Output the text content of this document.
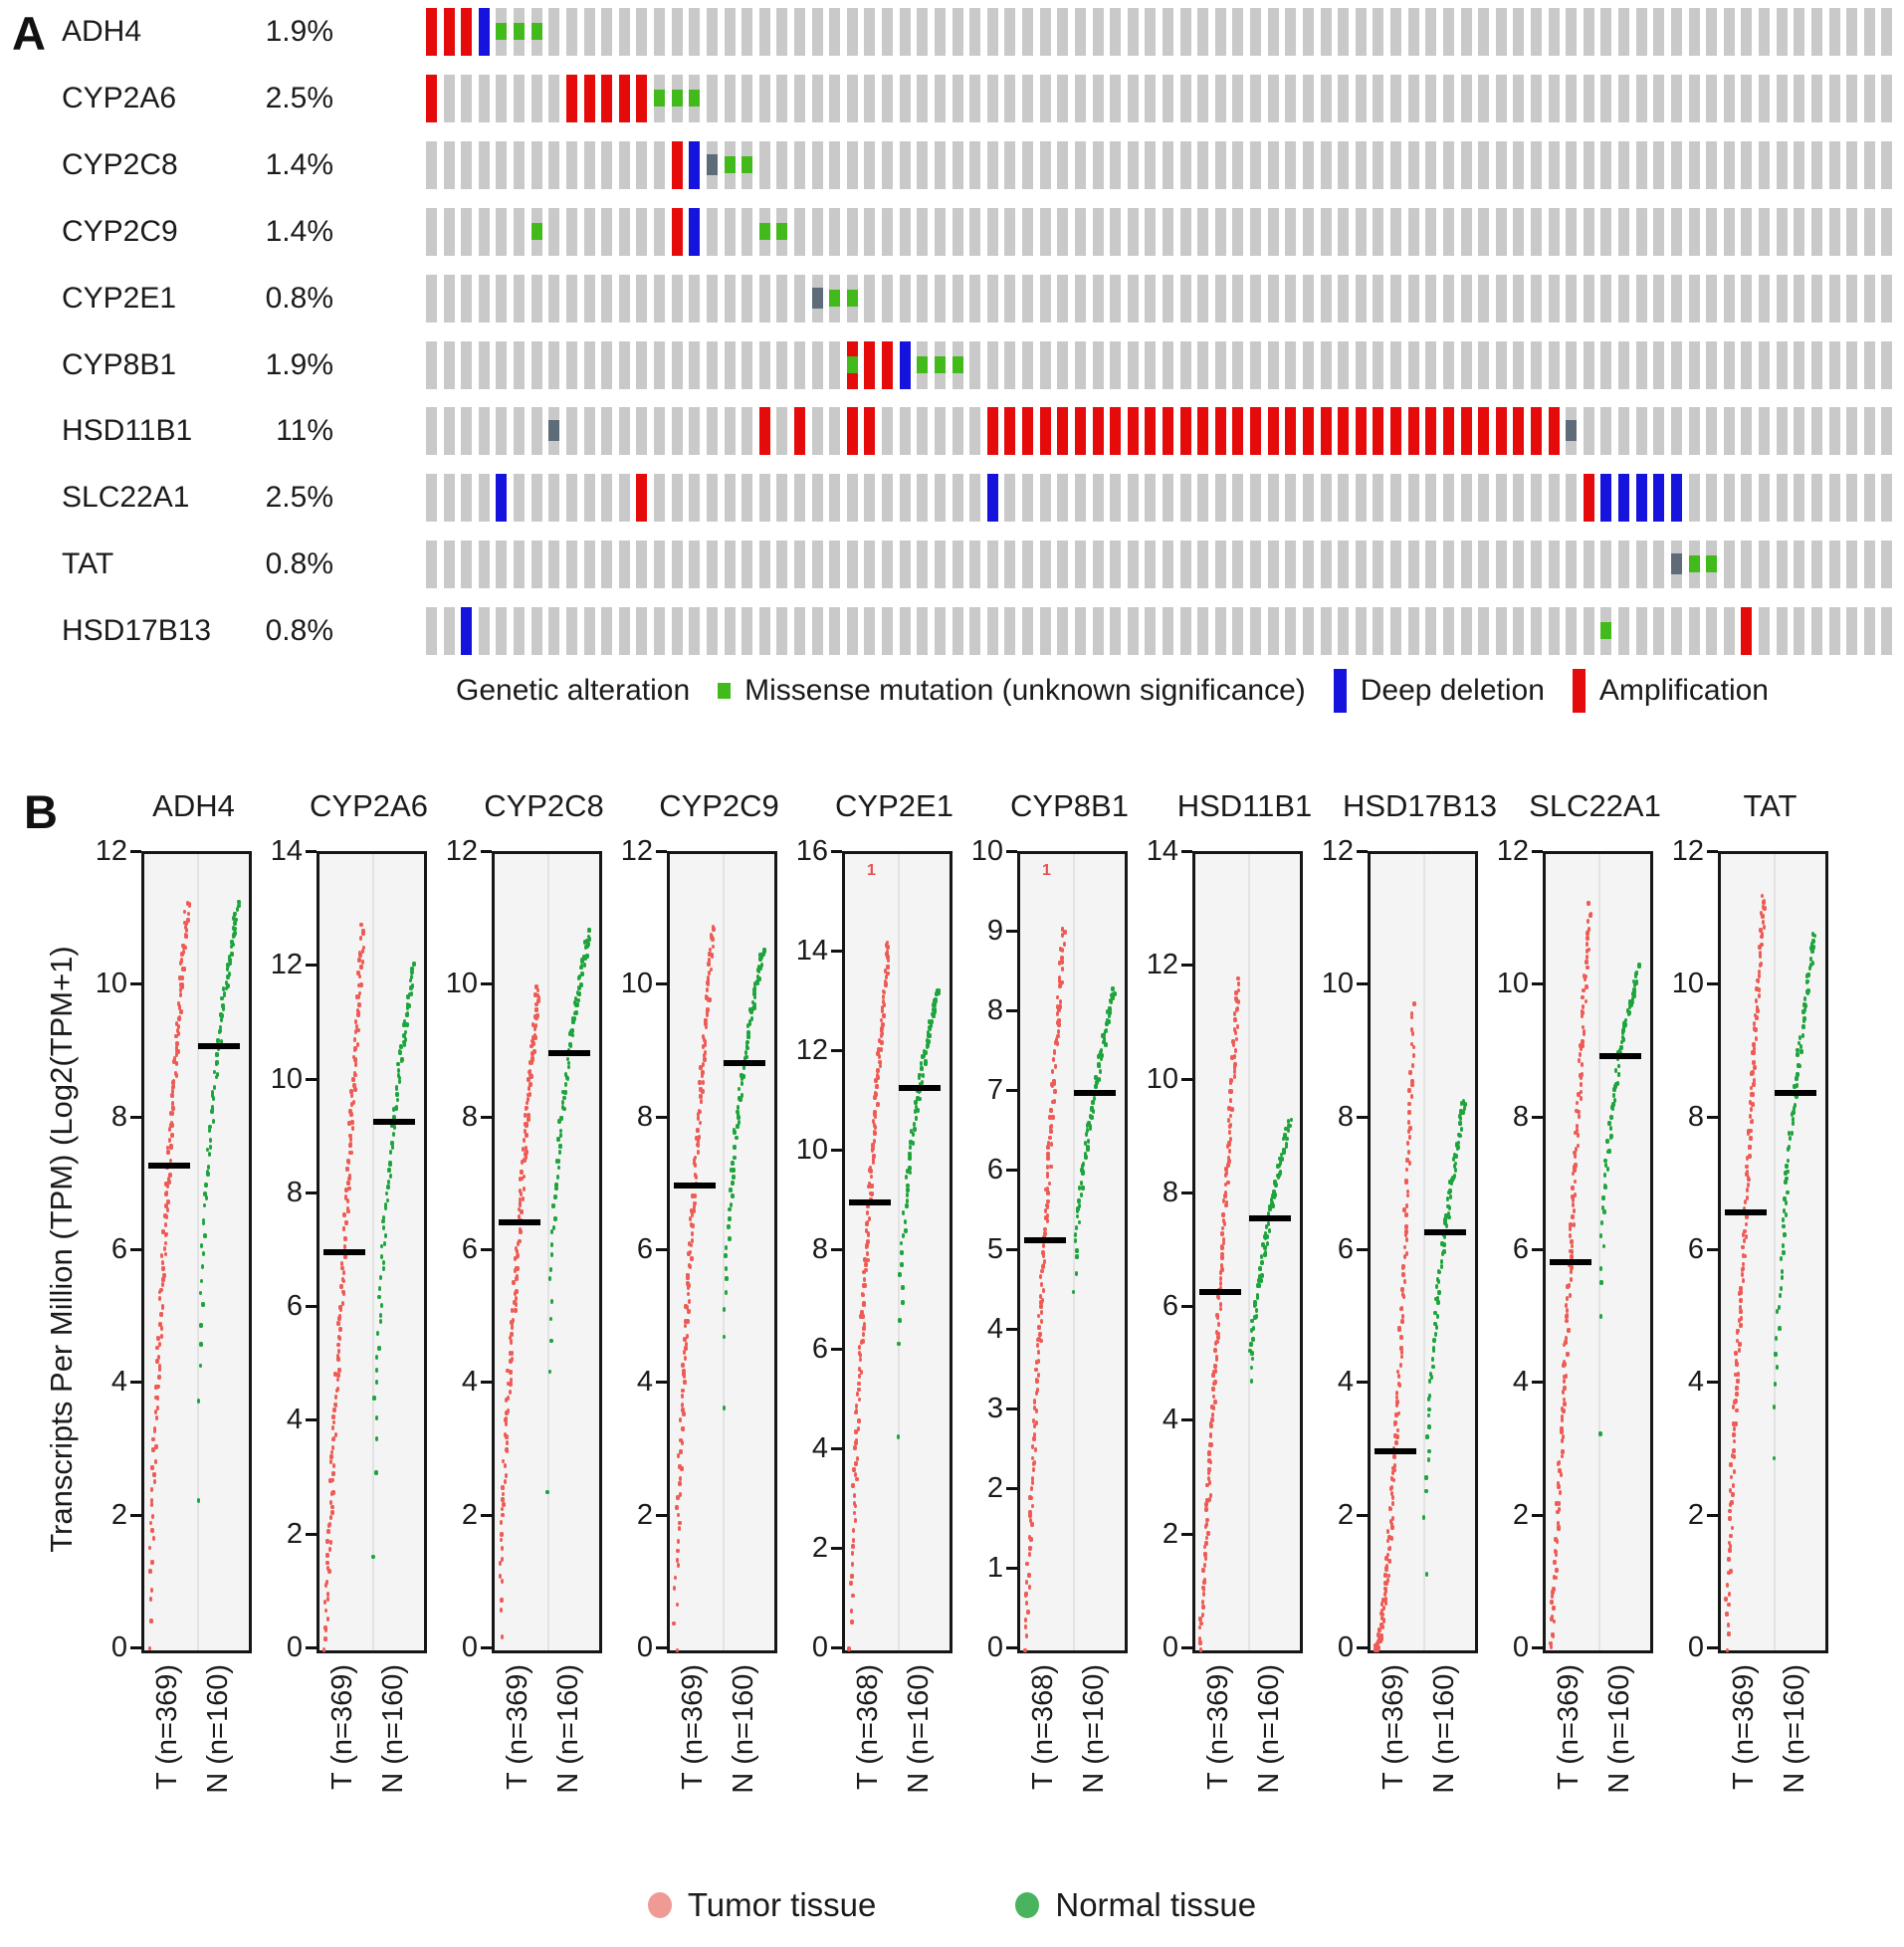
A ADH4	1.9%
CYP2A6	2.5%
CYP2C8	1.4%
CYP2C9	1.4%
CYP2E1	0.8%
CYP8B1	1.9%
HSD11B1	11%
SLC22A1	2.5%
TAT	0.8%
HSD17B13	0.8%
Genetic alteration Missense mutation (unknown significance) Deep deletion Amplification
B
Transcripts Per Million (TPM) (Log2(TPM+1)
ADH4
0
2
4
6
8
10
12
T (n=369) N (n=160)
CYP2A6
0
2
4
6
8
10
12
14
T (n=369) N (n=160)
CYP2C8
0
2
4
6
8
10
12
T (n=369) N (n=160)
CYP2C9
0
2
4
6
8
10
12
T (n=369) N (n=160)
CYP2E1
0
2
4
6
8
10
12
14
16
1
T (n=368) N (n=160)
CYP8B1
0
1
2
3
4
5
6
7
8
9
10
1
T (n=368) N (n=160)
HSD11B1
0
2
4
6
8
10
12
14
T (n=369) N (n=160)
HSD17B13
0
2
4
6
8
10
12
T (n=369) N (n=160)
SLC22A1
0
2
4
6
8
10
12
T (n=369) N (n=160)
TAT
0
2
4
6
8
10
12
T (n=369) N (n=160)
Tumor tissue	Normal tissue
